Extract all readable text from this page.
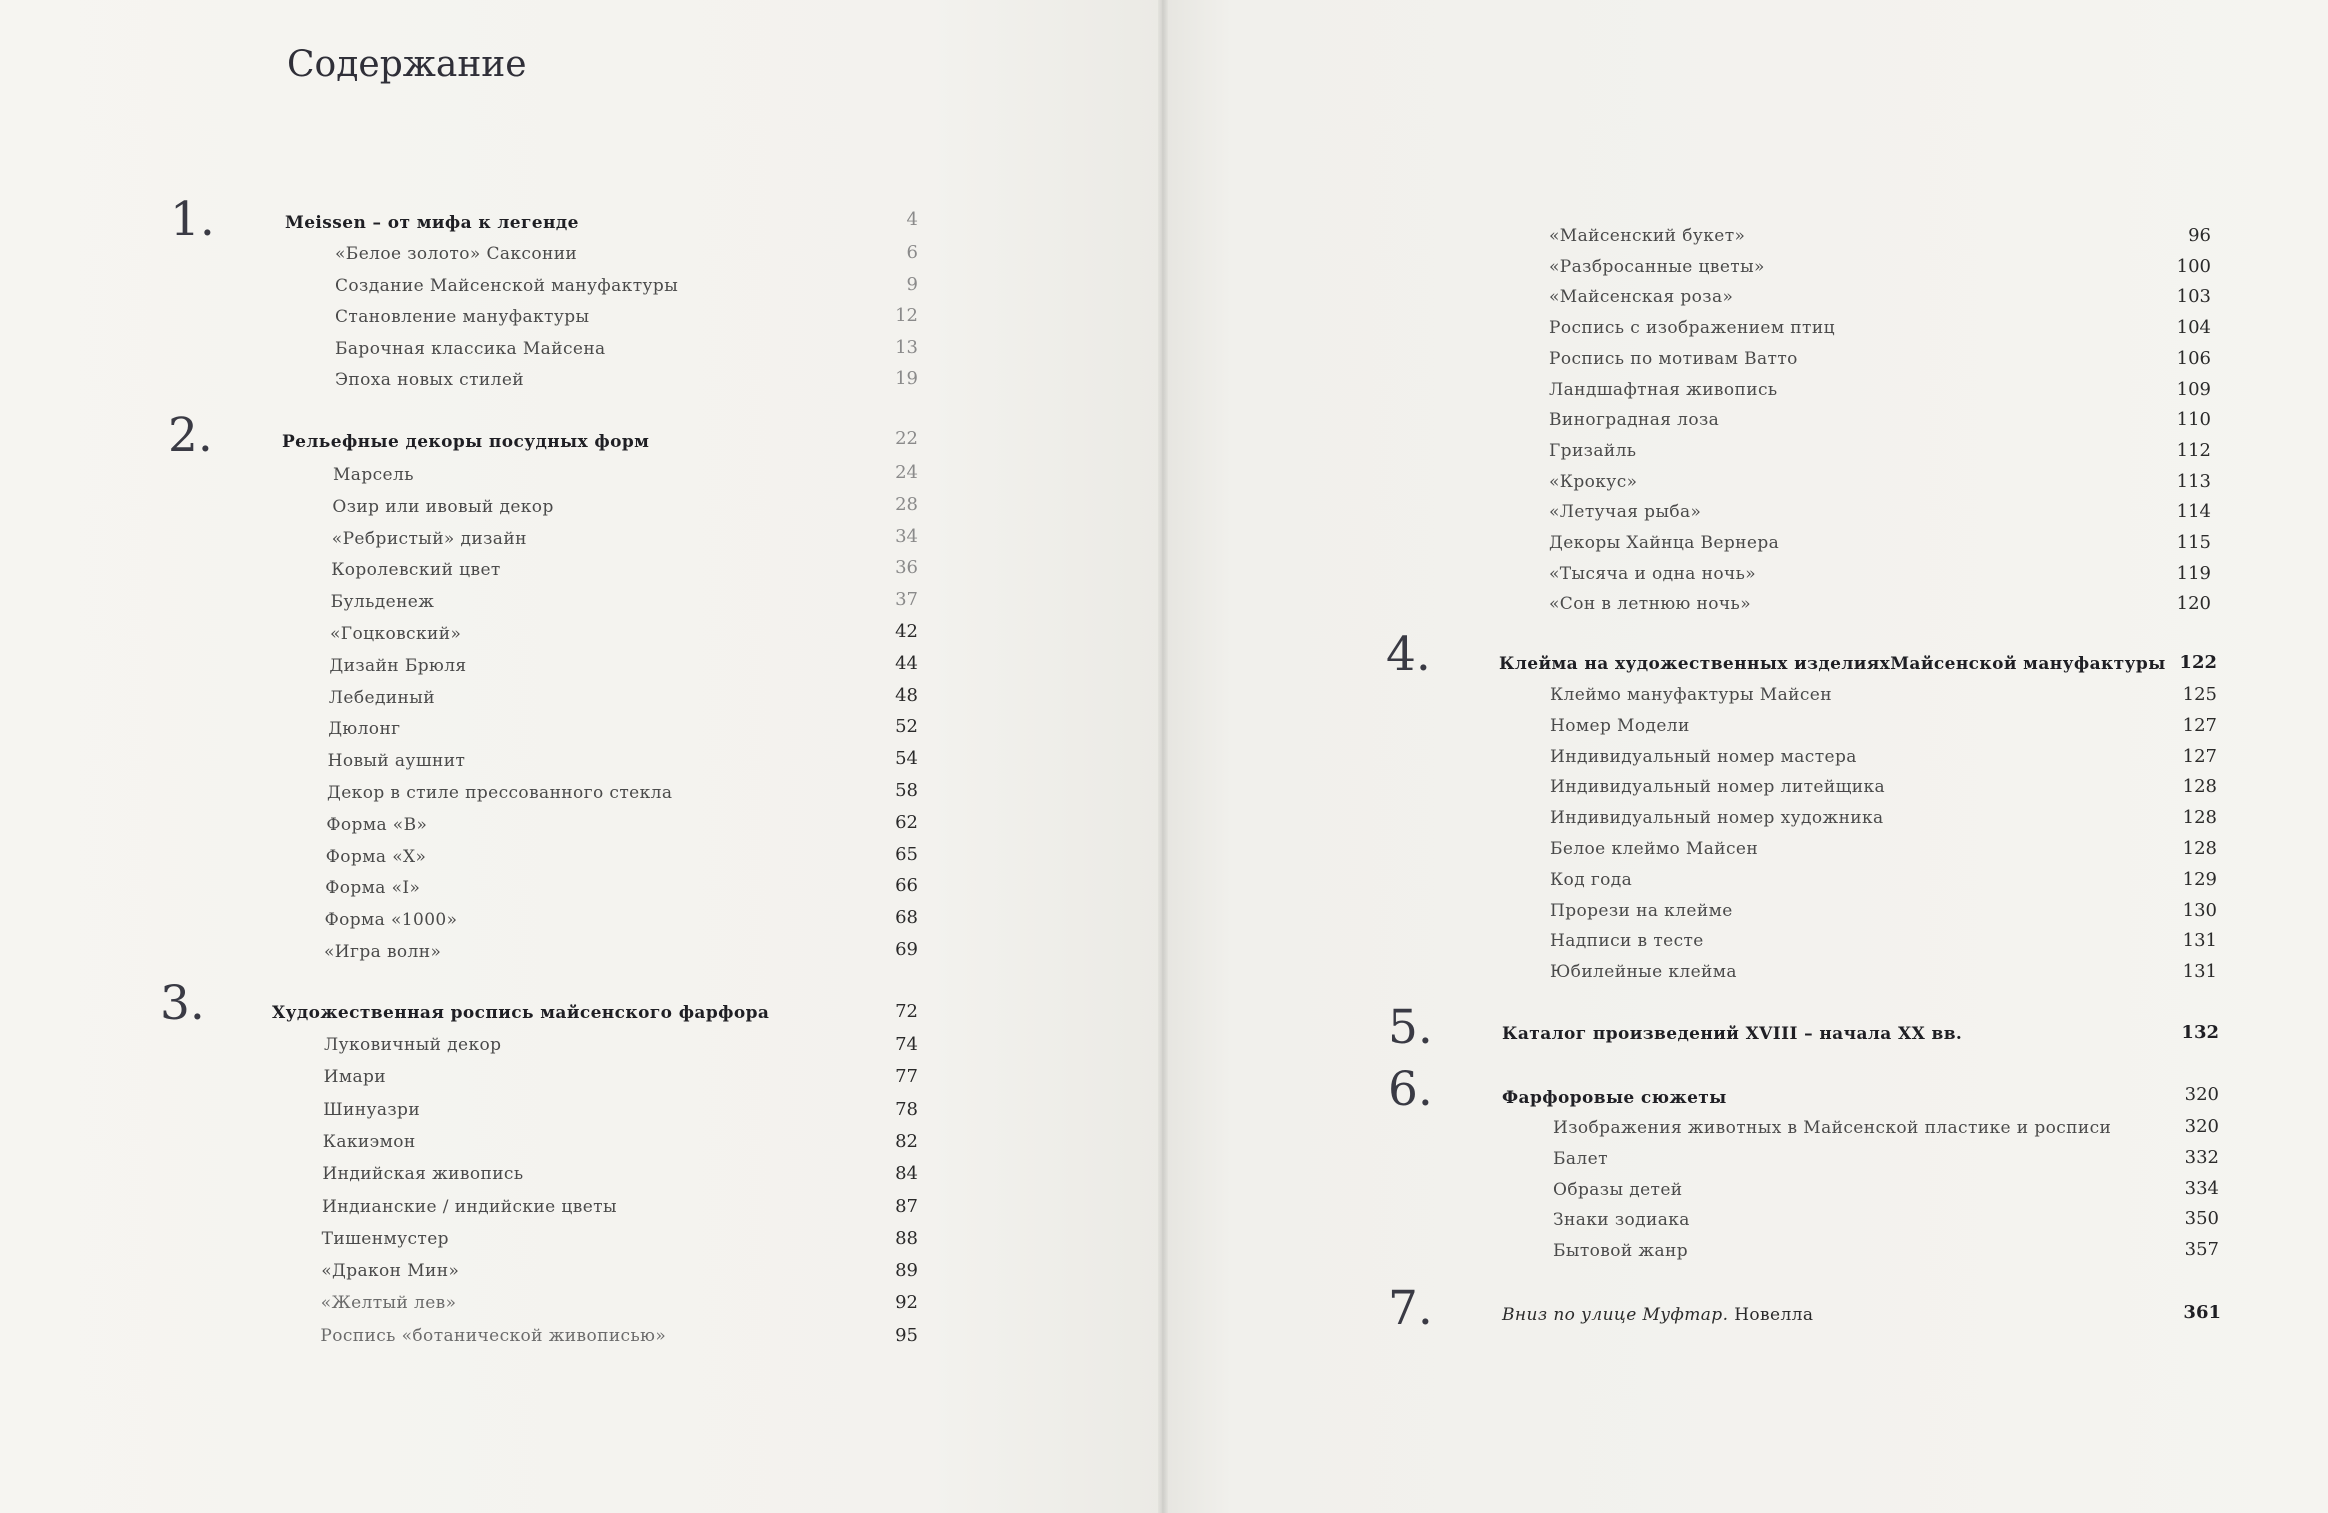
Содержание
1.	Meissen – от мифа к легенде	4
«Белое золото» Саксонии	6
Создание Майсенской мануфактуры	9
Становление мануфактуры	12
Барочная классика Майсена	13
Эпоха новых стилей	19
2.	Рельефные декоры посудных форм	22
Марсель	24
Озир или ивовый декор	28
«Ребристый» дизайн	34
Королевский цвет	36
Бульденеж	37
«Гоцковский»	42
Дизайн Брюля	44
Лебединый	48
Дюлонг	52
Новый аушнит	54
Декор в стиле прессованного стекла	58
Форма «B»	62
Форма «X»	65
Форма «I»	66
Форма «1000»	68
«Игра волн»	69
3.	Художественная роспись майсенского фарфора	72
Луковичный декор	74
Имари	77
Шинуазри	78
Какиэмон	82
Индийская живопись	84
Индианские / индийские цветы	87
Тишенмустер	88
«Дракон Мин»	89
«Желтый лев»	92
Роспись «ботанической живописью»	95
«Майсенский букет»	96
«Разбросанные цветы»	100
«Майсенская роза»	103
Роспись с изображением птиц	104
Роспись по мотивам Ватто	106
Ландшафтная живопись	109
Виноградная лоза	110
Гризайль	112
«Крокус»	113
«Летучая рыба»	114
Декоры Хайнца Вернера	115
«Тысяча и одна ночь»	119
«Сон в летнюю ночь»	120
4.	Клейма на художественных изделияхМайсенской мануфактуры 122
Клеймо мануфактуры Майсен	125
Номер Модели	127
Индивидуальный номер мастера	127
Индивидуальный номер литейщика	128
Индивидуальный номер художника	128
Белое клеймо Майсен	128
Код года	129
Прорези на клейме	130
Надписи в тесте	131
Юбилейные клейма	131
5.	Каталог произведений XVIII – начала XX вв.	132
6.	Фарфоровые сюжеты	320
Изображения животных в Майсенской пластике и росписи	320
Балет	332
Образы детей	334
Знаки зодиака	350
Бытовой жанр	357
7.	Вниз по улице Муфтар. Новелла	361
